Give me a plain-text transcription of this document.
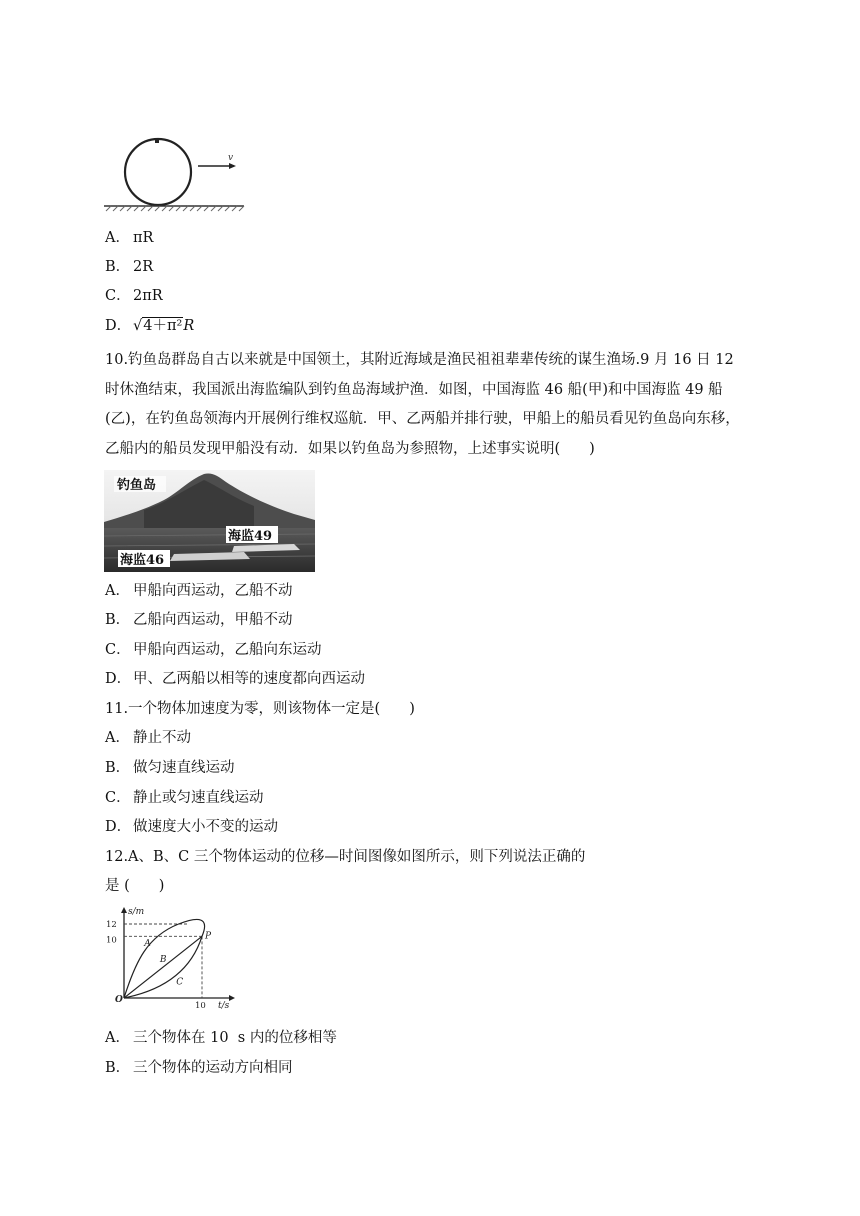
v
A． πR
B． 2R
C． 2πR
D． √4＋π²R
10.钓鱼岛群岛自古以来就是中国领土，其附近海域是渔民祖祖辈辈传统的谋生渔场.9 月 16 日 12
时休渔结束，我国派出海监编队到钓鱼岛海域护渔．如图，中国海监 46 船(甲)和中国海监 49 船
(乙)，在钓鱼岛领海内开展例行维权巡航．甲、乙两船并排行驶，甲船上的船员看见钓鱼岛向东移，
乙船内的船员发现甲船没有动．如果以钓鱼岛为参照物，上述事实说明(　　)
钓鱼岛
海监49
海监46
A． 甲船向西运动，乙船不动
B． 乙船向西运动，甲船不动
C． 甲船向西运动，乙船向东运动
D． 甲、乙两船以相等的速度都向西运动
11.一个物体加速度为零，则该物体一定是(　　)
A． 静止不动
B． 做匀速直线运动
C． 静止或匀速直线运动
D． 做速度大小不变的运动
12.A、B、C 三个物体运动的位移—时间图像如图所示，则下列说法正确的
是 (　　)
s/m
t/s
O
12
10
10
A
B
C
P
A． 三个物体在 10  s 内的位移相等
B． 三个物体的运动方向相同
